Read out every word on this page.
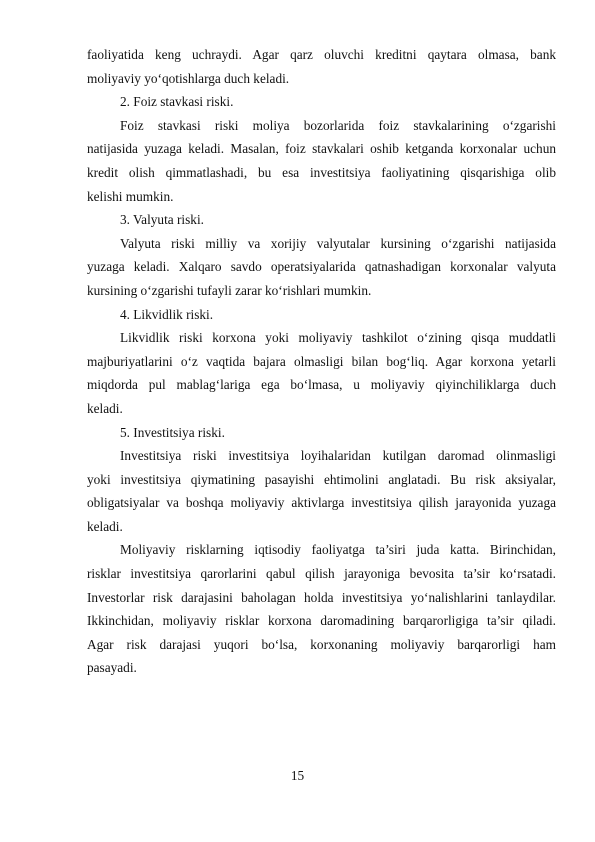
faoliyatida keng uchraydi. Agar qarz oluvchi kreditni qaytara olmasa, bank
moliyaviy yo‘qotishlarga duch keladi.
2. Foiz stavkasi riski.
Foiz stavkasi riski moliya bozorlarida foiz stavkalarining o‘zgarishi
natijasida yuzaga keladi. Masalan, foiz stavkalari oshib ketganda korxonalar uchun
kredit olish qimmatlashadi, bu esa investitsiya faoliyatining qisqarishiga olib
kelishi mumkin.
3. Valyuta riski.
Valyuta riski milliy va xorijiy valyutalar kursining o‘zgarishi natijasida
yuzaga keladi. Xalqaro savdo operatsiyalarida qatnashadigan korxonalar valyuta
kursining o‘zgarishi tufayli zarar ko‘rishlari mumkin.
4. Likvidlik riski.
Likvidlik riski korxona yoki moliyaviy tashkilot o‘zining qisqa muddatli
majburiyatlarini o‘z vaqtida bajara olmasligi bilan bog‘liq. Agar korxona yetarli
miqdorda pul mablag‘lariga ega bo‘lmasa, u moliyaviy qiyinchiliklarga duch
keladi.
5. Investitsiya riski.
Investitsiya riski investitsiya loyihalaridan kutilgan daromad olinmasligi
yoki investitsiya qiymatining pasayishi ehtimolini anglatadi. Bu risk aksiyalar,
obligatsiyalar va boshqa moliyaviy aktivlarga investitsiya qilish jarayonida yuzaga
keladi.
Moliyaviy risklarning iqtisodiy faoliyatga ta’siri juda katta. Birinchidan,
risklar investitsiya qarorlarini qabul qilish jarayoniga bevosita ta’sir ko‘rsatadi.
Investorlar risk darajasini baholagan holda investitsiya yo‘nalishlarini tanlaydilar.
Ikkinchidan, moliyaviy risklar korxona daromadining barqarorligiga ta’sir qiladi.
Agar risk darajasi yuqori bo‘lsa, korxonaning moliyaviy barqarorligi ham
pasayadi.
15
